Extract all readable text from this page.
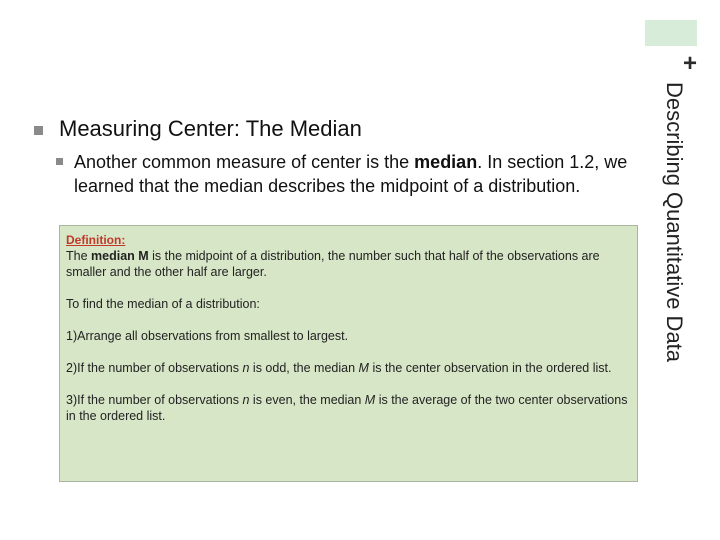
+
Describing Quantitative Data
Measuring Center: The Median
Another common measure of center is the median. In section 1.2, we learned that the median describes the midpoint of a distribution.

Definition:

The median M is the midpoint of a distribution, the number such that half of the observations are smaller and the other half are larger.

To find the median of a distribution:

1)Arrange all observations from smallest to largest.

2)If the number of observations n is odd, the median M is the center observation in the ordered list.

3)If the number of observations n is even, the median M is the average of the two center observations in the ordered list.
